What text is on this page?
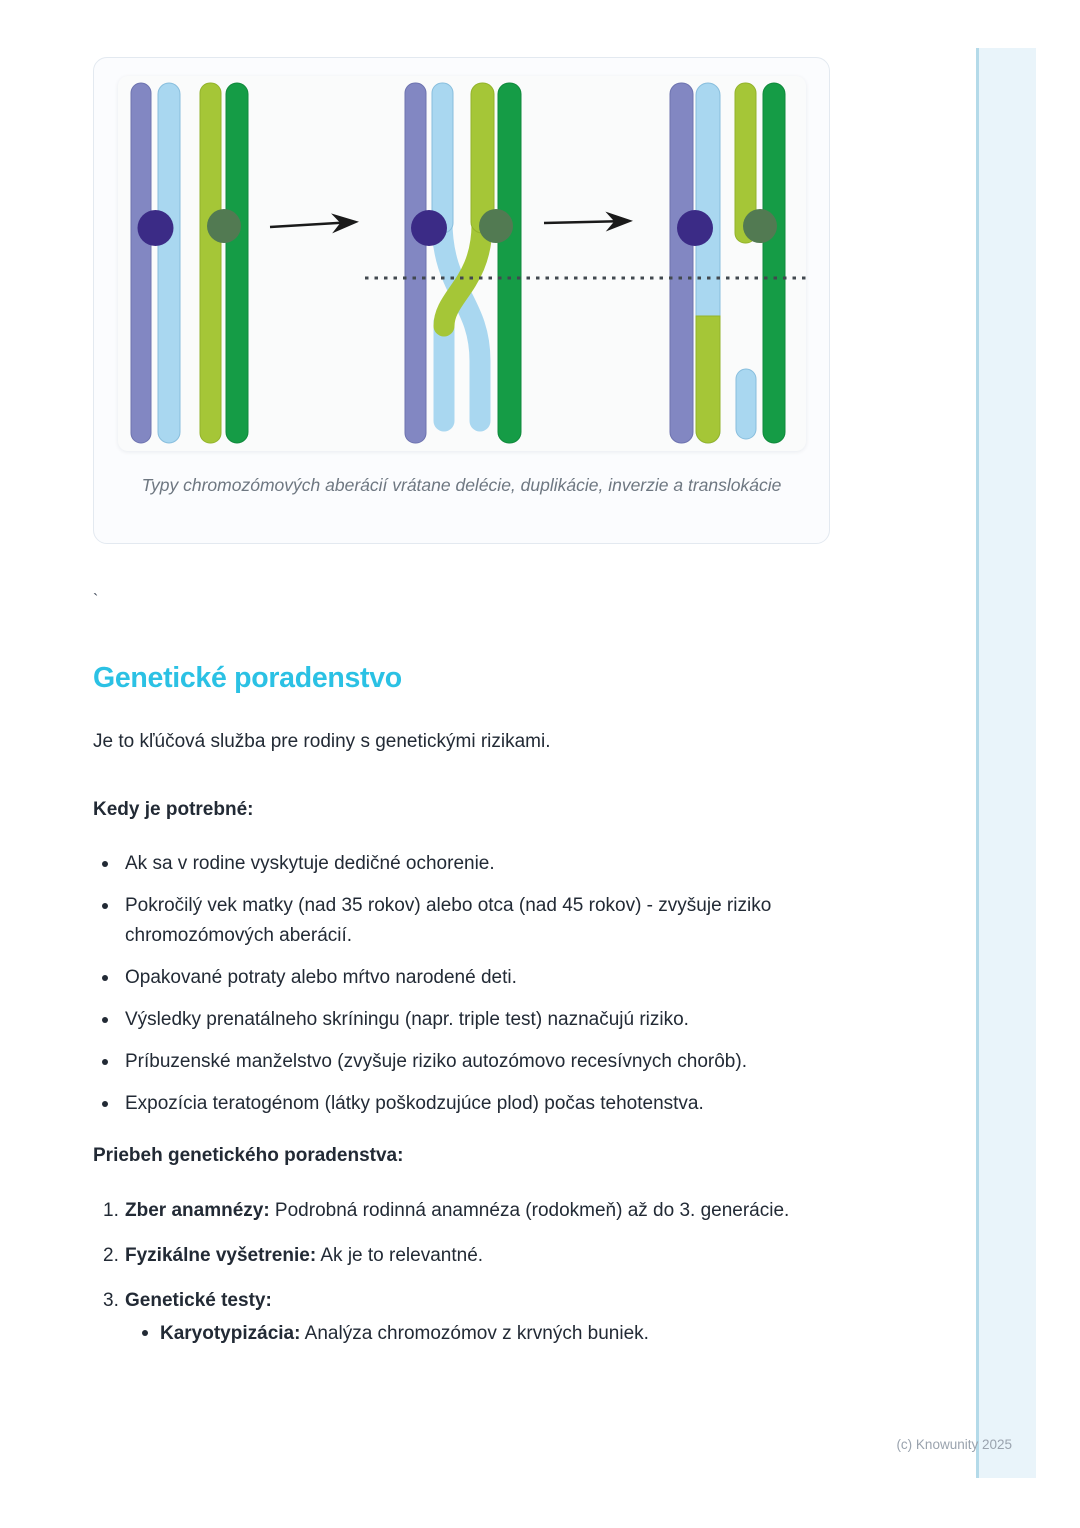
Typy chromozómových aberácií vrátane delécie, duplikácie, inverzie a translokácie
`
Genetické poradenstvo

Je to kľúčová služba pre rodiny s genetickými rizikami.

Kedy je potrebné:

Ak sa v rodine vyskytuje dedičné ochorenie.
Pokročilý vek matky (nad 35 rokov) alebo otca (nad 45 rokov) - zvyšuje riziko chromozómových aberácií.
Opakované potraty alebo mŕtvo narodené deti.
Výsledky prenatálneho skríningu (napr. triple test) naznačujú riziko.
Príbuzenské manželstvo (zvyšuje riziko autozómovo recesívnych chorôb).
Expozícia teratogénom (látky poškodzujúce plod) počas tehotenstva.

Priebeh genetického poradenstva:

1. Zber anamnézy: Podrobná rodinná anamnéza (rodokmeň) až do 3. generácie.
2. Fyzikálne vyšetrenie: Ak je to relevantné.
3. Genetické testy:
Karyotypizácia: Analýza chromozómov z krvných buniek.
(c) Knowunity 2025
